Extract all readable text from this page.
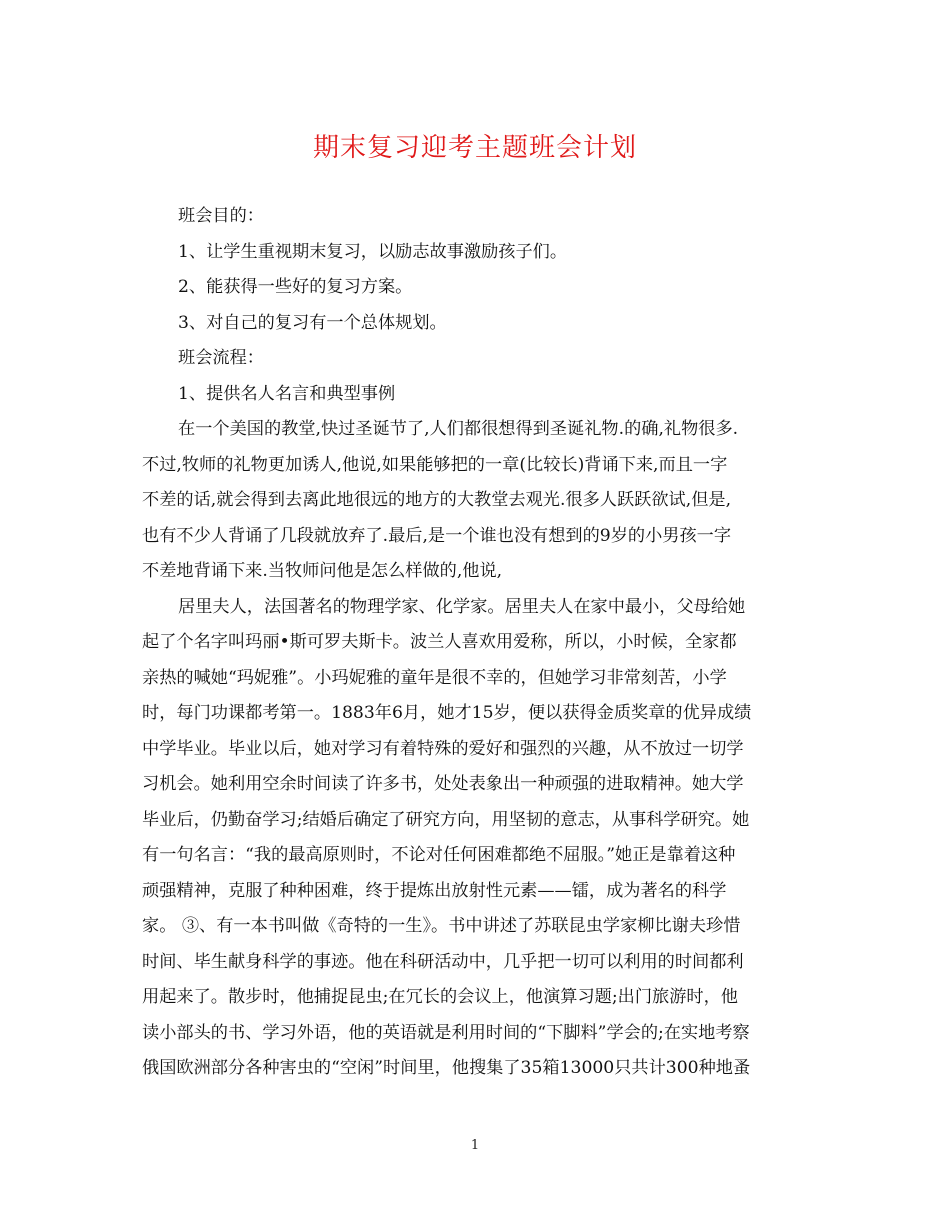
期末复习迎考主题班会计划

班会目的：

1、让学生重视期末复习，以励志故事激励孩子们。

2、能获得一些好的复习方案。

3、对自己的复习有一个总体规划。

班会流程：

1、提供名人名言和典型事例

在一个美国的教堂,快过圣诞节了,人们都很想得到圣诞礼物.的确,礼物很多.

不过,牧师的礼物更加诱人,他说,如果能够把的一章(比较长)背诵下来,而且一字

不差的话,就会得到去离此地很远的地方的大教堂去观光.很多人跃跃欲试,但是,

也有不少人背诵了几段就放弃了.最后,是一个谁也没有想到的9岁的小男孩一字

不差地背诵下来.当牧师问他是怎么样做的,他说,

居里夫人，法国著名的物理学家、化学家。居里夫人在家中最小，父母给她

起了个名字叫玛丽•斯可罗夫斯卡。波兰人喜欢用爱称，所以，小时候，全家都

亲热的喊她“玛妮雅”。小玛妮雅的童年是很不幸的，但她学习非常刻苦，小学

时，每门功课都考第一。1883年6月，她才15岁，便以获得金质奖章的优异成绩

中学毕业。毕业以后，她对学习有着特殊的爱好和强烈的兴趣，从不放过一切学

习机会。她利用空余时间读了许多书，处处表象出一种顽强的进取精神。她大学

毕业后，仍勤奋学习;结婚后确定了研究方向，用坚韧的意志，从事科学研究。她

有一句名言：“我的最高原则时，不论对任何困难都绝不屈服。”她正是靠着这种

顽强精神，克服了种种困难，终于提炼出放射性元素——镭，成为著名的科学

家。 ③、有一本书叫做《奇特的一生》。书中讲述了苏联昆虫学家柳比谢夫珍惜

时间、毕生献身科学的事迹。他在科研活动中，几乎把一切可以利用的时间都利

用起来了。散步时，他捕捉昆虫;在冗长的会议上，他演算习题;出门旅游时，他

读小部头的书、学习外语，他的英语就是利用时间的“下脚料”学会的;在实地考察

俄国欧洲部分各种害虫的“空闲”时间里，他搜集了35箱13000只共计300种地蚤

1
